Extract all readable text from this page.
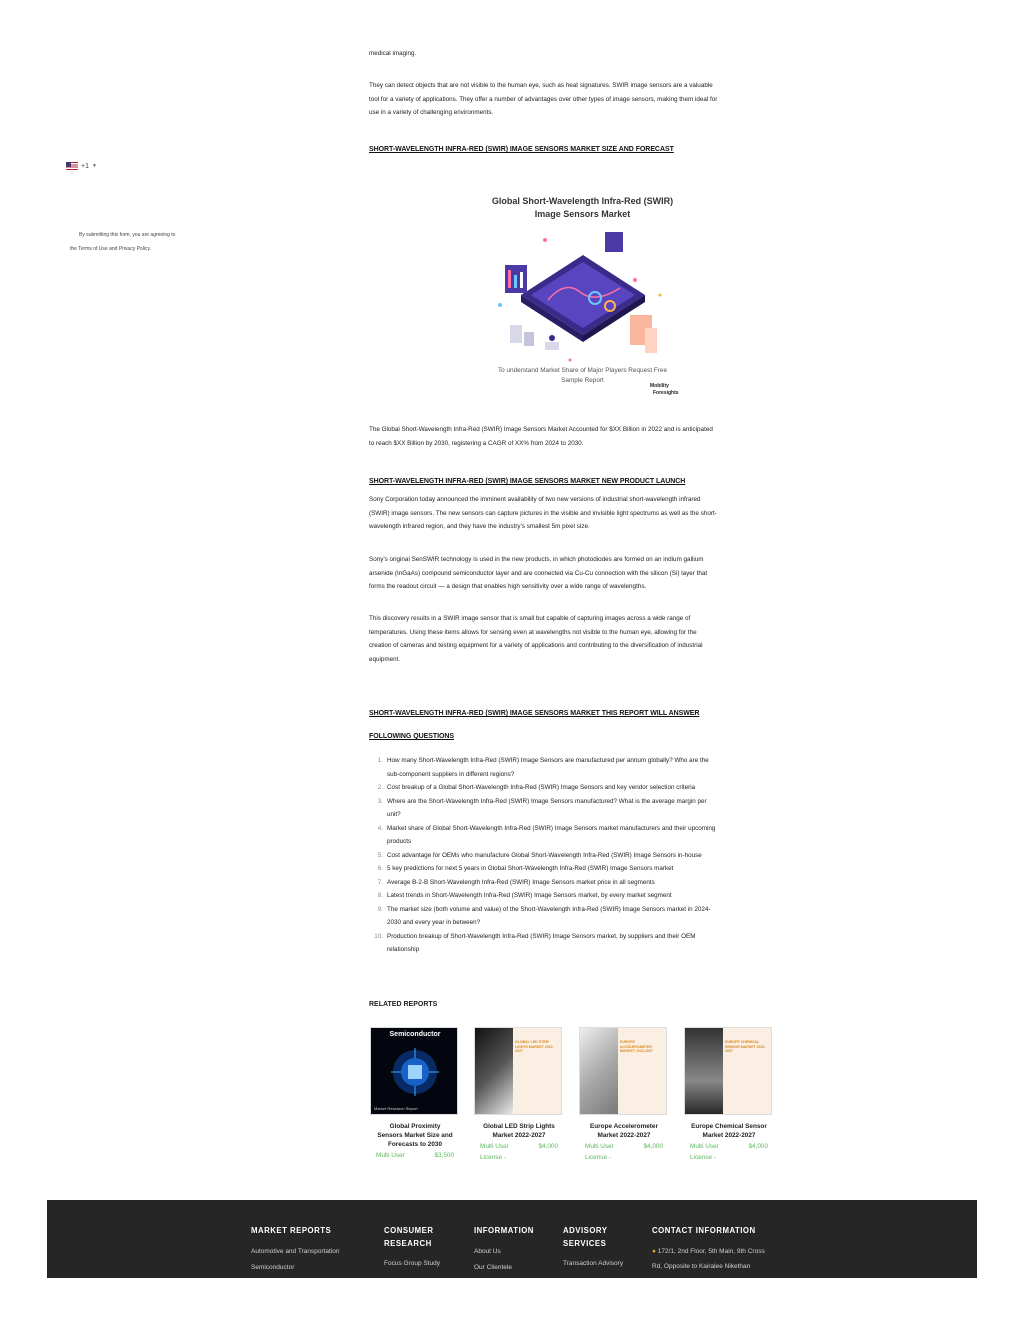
+1 ▼
By submitting this form, you are agreeing to
the Terms of Use and Privacy Policy.
medical imaging.
They can detect objects that are not visible to the human eye, such as heat signatures. SWIR image sensors are a valuable
tool for a variety of applications. They offer a number of advantages over other types of image sensors, making them ideal for
use in a variety of challenging environments.
SHORT-WAVELENGTH INFRA-RED (SWIR) IMAGE SENSORS MARKET SIZE AND FORECAST
The Global Short-Wavelength Infra-Red (SWIR) Image Sensors Market Accounted for $XX Billion in 2022 and is anticipated
to reach $XX Billion by 2030, registering a CAGR of XX% from 2024 to 2030.
SHORT-WAVELENGTH INFRA-RED (SWIR) IMAGE SENSORS MARKET NEW PRODUCT LAUNCH
Sony Corporation today announced the imminent availability of two new versions of industrial short-wavelength infrared
(SWIR) image sensors. The new sensors can capture pictures in the visible and invisible light spectrums as well as the short-
wavelength infrared region, and they have the industry’s smallest 5m pixel size.
Sony’s original SenSWIR technology is used in the new products, in which photodiodes are formed on an indium gallium
arsenide (InGaAs) compound semiconductor layer and are connected via Cu-Cu connection with the silicon (Si) layer that
forms the readout circuit — a design that enables high sensitivity over a wide range of wavelengths.
This discovery results in a SWIR image sensor that is small but capable of capturing images across a wide range of
temperatures. Using these items allows for sensing even at wavelengths not visible to the human eye, allowing for the
creation of cameras and testing equipment for a variety of applications and contributing to the diversification of industrial
equipment.
SHORT-WAVELENGTH INFRA-RED (SWIR) IMAGE SENSORS MARKET THIS REPORT WILL ANSWER
FOLLOWING QUESTIONS
Global Short-Wavelength Infra-Red (SWIR)
Image Sensors Market
To understand Market Share of Major Players Request Free
Sample Report
Mobility
Foresights
1. How many Short-Wavelength Infra-Red (SWIR) Image Sensors are manufactured per annum globally? Who are the
sub-component suppliers in different regions?
2. Cost breakup of a Global Short-Wavelength Infra-Red (SWIR) Image Sensors and key vendor selection criteria
3. Where are the Short-Wavelength Infra-Red (SWIR) Image Sensors manufactured? What is the average margin per
unit?
4. Market share of Global Short-Wavelength Infra-Red (SWIR) Image Sensors market manufacturers and their upcoming
products
5. Cost advantage for OEMs who manufacture Global Short-Wavelength Infra-Red (SWIR) Image Sensors in-house
6. 5 key predictions for next 5 years in Global Short-Wavelength Infra-Red (SWIR) Image Sensors market
7. Average B-2-B Short-Wavelength Infra-Red (SWIR) Image Sensors market price in all segments
8. Latest trends in Short-Wavelength Infra-Red (SWIR) Image Sensors market, by every market segment
9. The market size (both volume and value) of the Short-Wavelength Infra-Red (SWIR) Image Sensors market in 2024-
2030 and every year in between?
10. Production breakup of Short-Wavelength Infra-Red (SWIR) Image Sensors market, by suppliers and their OEM
relationship
RELATED REPORTS
Semiconductor
Market Research Report
Global Proximity
Sensors Market Size and
Forecasts to 2030
Multi User	$3,500
GLOBAL LED STRIP LIGHTS MARKET 2022-2027
Global LED Strip Lights
Market 2022-2027
Multi User	$4,000
License -
EUROPE ACCELEROMETER MARKET 2022-2027
Europe Accelerometer
Market 2022-2027
Multi User	$4,000
License -
EUROPE CHEMICAL SENSOR MARKET 2022-2027
Europe Chemical Sensor
Market 2022-2027
Multi User	$4,000
License -
MARKET REPORTS
Automotive and Transportation
Semiconductor
CONSUMER
RESEARCH
Focus Group Study
INFORMATION
About Us
Our Clientele
ADVISORY
SERVICES
Transaction Advisory
CONTACT INFORMATION
● 172/1, 2nd Floor, 5th Main, 9th Cross
Rd, Opposite to Kairalee Nikethan
